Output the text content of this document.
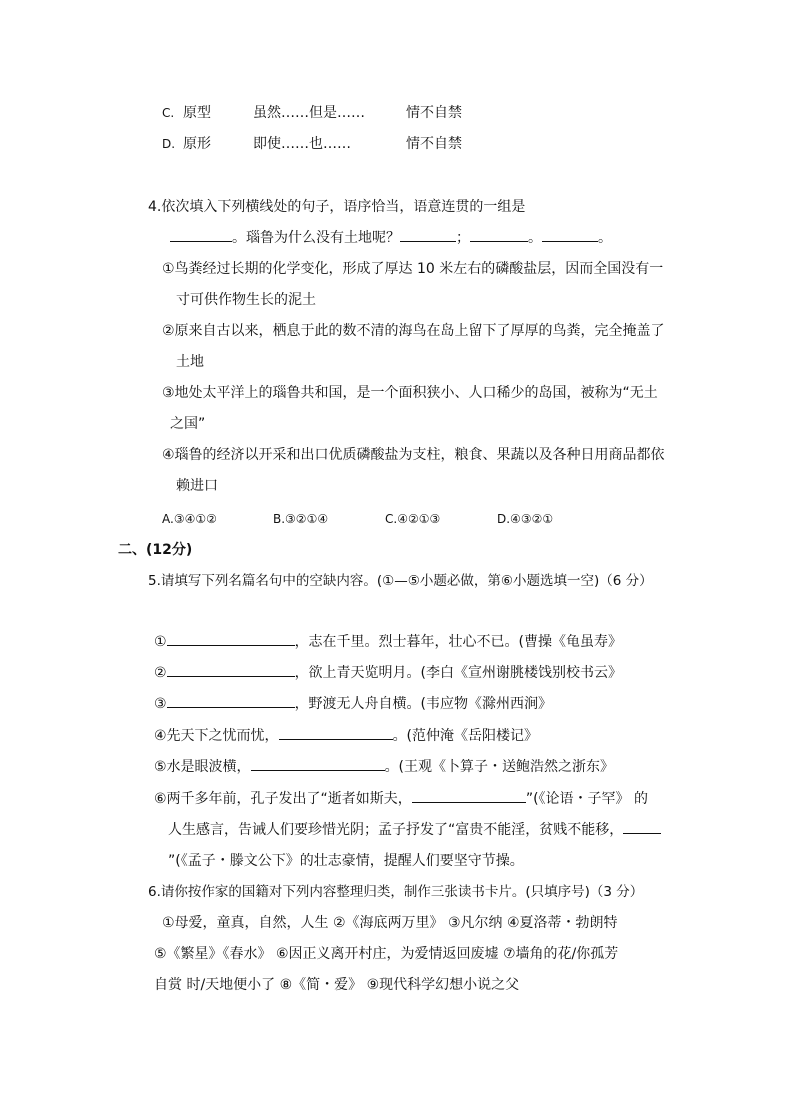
C. 原型	虽然……但是……	情不自禁
D. 原形	即使……也……	情不自禁
4.依次填入下列横线处的句子，语序恰当，语意连贯的一组是
。瑙鲁为什么没有土地呢？	；	。	。
①鸟粪经过长期的化学变化，形成了厚达 10 米左右的磷酸盐层，因而全国没有一
寸可供作物生长的泥土
②原来自古以来，栖息于此的数不清的海鸟在岛上留下了厚厚的鸟粪，完全掩盖了
土地
③地处太平洋上的瑙鲁共和国，是一个面积狭小、人口稀少的岛国，被称为“无土
之国”
④瑙鲁的经济以开采和出口优质磷酸盐为支柱，粮食、果蔬以及各种日用商品都依
赖进口
A.③④①②	B.③②①④	C.④②①③	D.④③②①
二、(12分)
5.请填写下列名篇名句中的空缺内容。(①—⑤小题必做，第⑥小题选填一空)（6 分）
①	，志在千里。烈士暮年，壮心不已。(曹操《龟虽寿》
②	，欲上青天览明月。(李白《宣州谢朓楼饯别校书云》
③	，野渡无人舟自横。(韦应物《滁州西涧》
④先天下之忧而忧，	。(范仲淹《岳阳楼记》
⑤水是眼波横，	。(王观《卜算子・送鲍浩然之浙东》
⑥两千多年前，孔子发出了“逝者如斯夫，	”(《论语・子罕》 的
人生感言，告诫人们要珍惜光阴；孟子抒发了“富贵不能淫，贫贱不能移，
”(《孟子・滕文公下》的壮志豪情，提醒人们要坚守节操。
6.请你按作家的国籍对下列内容整理归类，制作三张读书卡片。(只填序号)（3 分）
①母爱，童真，自然，人生 ②《海底两万里》 ③凡尔纳 ④夏洛蒂・勃朗特
⑤《繁星》《春水》 ⑥因正义离开村庄，为爱情返回废墟 ⑦墙角的花/你孤芳
自赏 时/天地便小了 ⑧《简・爱》 ⑨现代科学幻想小说之父
